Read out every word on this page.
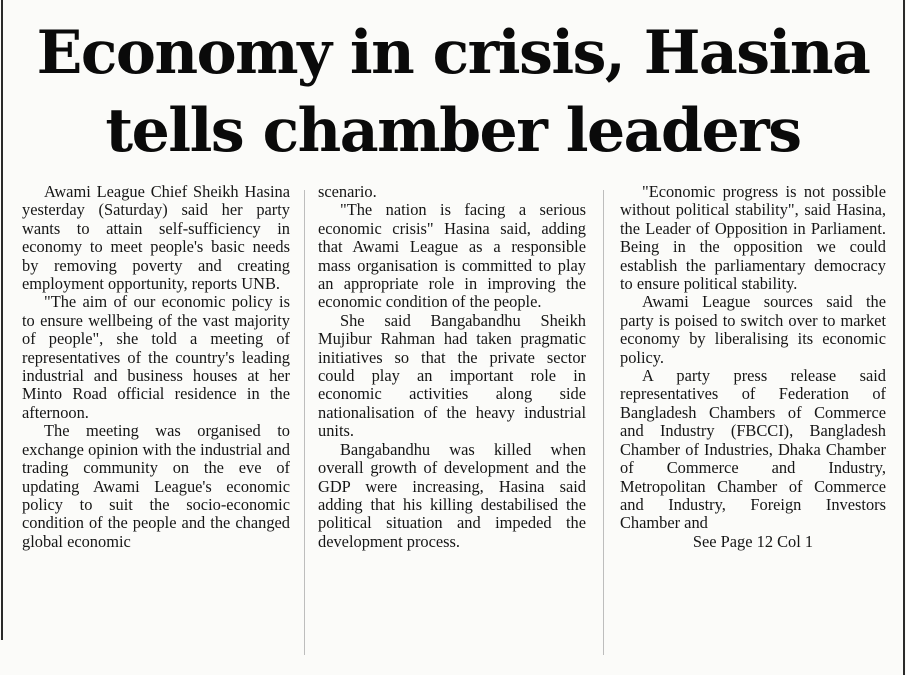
Economy in crisis, Hasina
tells chamber leaders

Awami League Chief Sheikh Hasina yesterday (Saturday) said her party wants to attain self-sufficiency in economy to meet people's basic needs by removing poverty and creating employment opportunity, reports UNB.

"The aim of our economic policy is to ensure wellbeing of the vast majority of people", she told a meeting of representatives of the country's leading industrial and business houses at her Minto Road official residence in the afternoon.

The meeting was organised to exchange opinion with the industrial and trading community on the eve of updating Awami League's economic policy to suit the socio-economic condition of the people and the changed global economic

scenario.

"The nation is facing a serious economic crisis" Hasina said, adding that Awami League as a responsible mass organisation is committed to play an appropriate role in improving the economic condition of the people.

She said Bangabandhu Sheikh Mujibur Rahman had taken pragmatic initiatives so that the private sector could play an important role in economic activities along side nationalisation of the heavy industrial units.

Bangabandhu was killed when overall growth of development and the GDP were increasing, Hasina said adding that his killing destabilised the political situation and impeded the development process.

"Economic progress is not possible without political stability", said Hasina, the Leader of Opposition in Parliament. Being in the opposition we could establish the parliamentary democracy to ensure political stability.

Awami League sources said the party is poised to switch over to market economy by liberalising its economic policy.

A party press release said representatives of Federation of Bangladesh Chambers of Commerce and Industry (FBCCI), Bangladesh Chamber of Industries, Dhaka Chamber of Commerce and Industry, Metropolitan Chamber of Commerce and Industry, Foreign Investors Chamber and

See Page 12 Col 1
